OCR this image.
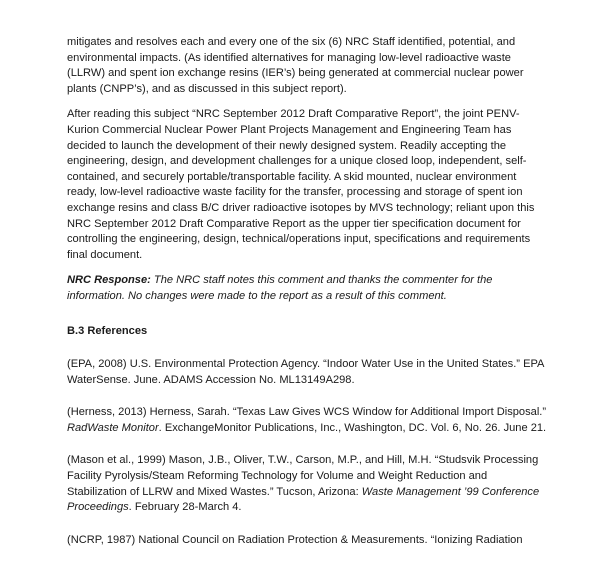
mitigates and resolves each and every one of the six (6) NRC Staff identified, potential, and environmental impacts. (As identified alternatives for managing low-level radioactive waste (LLRW) and spent ion exchange resins (IER’s) being generated at commercial nuclear power plants (CNPP’s), and as discussed in this subject report).

After reading this subject “NRC September 2012 Draft Comparative Report”, the joint PENV-Kurion Commercial Nuclear Power Plant Projects Management and Engineering Team has decided to launch the development of their newly designed system. Readily accepting the engineering, design, and development challenges for a unique closed loop, independent, self-contained, and securely portable/transportable facility. A skid mounted, nuclear environment ready, low-level radioactive waste facility for the transfer, processing and storage of spent ion exchange resins and class B/C driver radioactive isotopes by MVS technology; reliant upon this NRC September 2012 Draft Comparative Report as the upper tier specification document for controlling the engineering, design, technical/operations input, specifications and requirements final document.

NRC Response: The NRC staff notes this comment and thanks the commenter for the information. No changes were made to the report as a result of this comment.

B.3 References

(EPA, 2008) U.S. Environmental Protection Agency. “Indoor Water Use in the United States.” EPA WaterSense. June. ADAMS Accession No. ML13149A298.

(Herness, 2013) Herness, Sarah. “Texas Law Gives WCS Window for Additional Import Disposal.” RadWaste Monitor. ExchangeMonitor Publications, Inc., Washington, DC. Vol. 6, No. 26. June 21.

(Mason et al., 1999) Mason, J.B., Oliver, T.W., Carson, M.P., and Hill, M.H. “Studsvik Processing Facility Pyrolysis/Steam Reforming Technology for Volume and Weight Reduction and Stabilization of LLRW and Mixed Wastes.” Tucson, Arizona: Waste Management ’99 Conference Proceedings. February 28-March 4.

(NCRP, 1987) National Council on Radiation Protection & Measurements. “Ionizing Radiation
